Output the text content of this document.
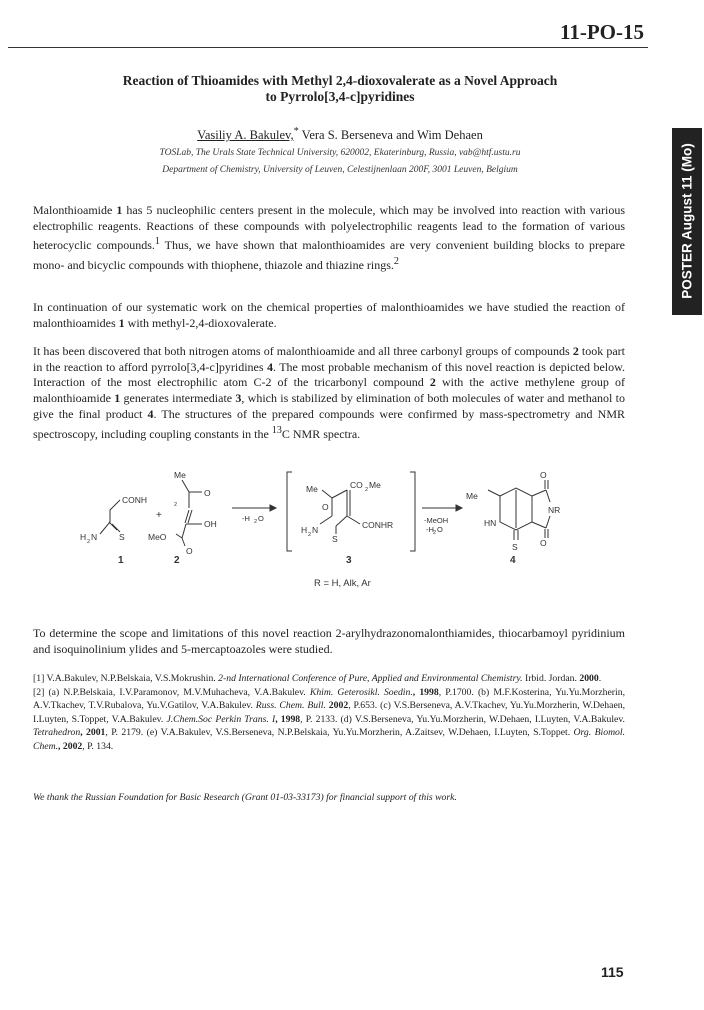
11-PO-15
POSTER August 11 (Mo)
Reaction of Thioamides with Methyl 2,4-dioxovalerate as a Novel Approach
to Pyrrolo[3,4-c]pyridines
Vasiliy A. Bakulev,* Vera S. Berseneva and Wim Dehaen
TOSLab, The Urals State Technical University, 620002, Ekaterinburg, Russia, vab@htf.ustu.ru
Department of Chemistry, University of Leuven, Celestijnenlaan 200F, 3001 Leuven, Belgium
Malonthioamide 1 has 5 nucleophilic centers present in the molecule, which may be involved into reaction with various electrophilic reagents. Reactions of these compounds with polyelectrophilic reagents lead to the formation of various heterocyclic compounds.$^1$ Thus, we have shown that malonthioamides are very convenient building blocks to prepare mono- and bicyclic compounds with thiophene, thiazole and thiazine rings.$^2$
In continuation of our systematic work on the chemical properties of malonthioamides we have studied the reaction of malonthioamides 1 with methyl-2,4-dioxovalerate.
It has been discovered that both nitrogen atoms of malonthioamide and all three carbonyl groups of compounds 2 took part in the reaction to afford pyrrolo[3,4-c]pyridines 4. The most probable mechanism of this novel reaction is depicted below. Interaction of the most electrophilic atom C-2 of the tricarbonyl compound 2 with the active methylene group of malonthioamide 1 generates intermediate 3, which is stabilized by elimination of both molecules of water and methanol to give the final product 4. The structures of the prepared compounds were confirmed by mass-spectrometry and NMR spectroscopy, including coupling constants in the $^{13}$C NMR spectra.
CONH	2
H 2 N	S
1
+
Me
O
OH
MeO
O
2
-H 2 O
Me
O
CO 2 Me
CONHR
H 2 N
S
3
-MeOH
-H 2 O
Me
O
NR
O
HN
S
4
R = H, Alk, Ar
To determine the scope and limitations of this novel reaction 2-arylhydrazonomalonthiamides, thiocarbamoyl pyridinium and isoquinolinium ylides and 5-mercaptoazoles were studied.
[1] V.A.Bakulev, N.P.Belskaia, V.S.Mokrushin. 2-nd International Conference of Pure, Applied and Environmental Chemistry. Irbid. Jordan. 2000.
[2] (a) N.P.Belskaia, I.V.Paramonov, M.V.Muhacheva, V.A.Bakulev. Khim. Geterosikl. Soedin., 1998, P.1700. (b) M.F.Kosterina, Yu.Yu.Morzherin, A.V.Tkachev, T.V.Rubalova, Yu.V.Gatilov, V.A.Bakulev. Russ. Chem. Bull. 2002, P.653. (c) V.S.Berseneva, A.V.Tkachev, Yu.Yu.Morzherin, W.Dehaen, I.Luyten, S.Toppet, V.A.Bakulev. J.Chem.Soc Perkin Trans. I, 1998, P. 2133. (d) V.S.Berseneva, Yu.Yu.Morzherin, W.Dehaen, I.Luyten, V.A.Bakulev. Tetrahedron, 2001, P. 2179. (e) V.A.Bakulev, V.S.Berseneva, N.P.Belskaia, Yu.Yu.Morzherin, A.Zaitsev, W.Dehaen, I.Luyten, S.Toppet. Org. Biomol. Chem., 2002, P. 134.
We thank the Russian Foundation for Basic Research (Grant 01-03-33173) for financial support of this work.
115
